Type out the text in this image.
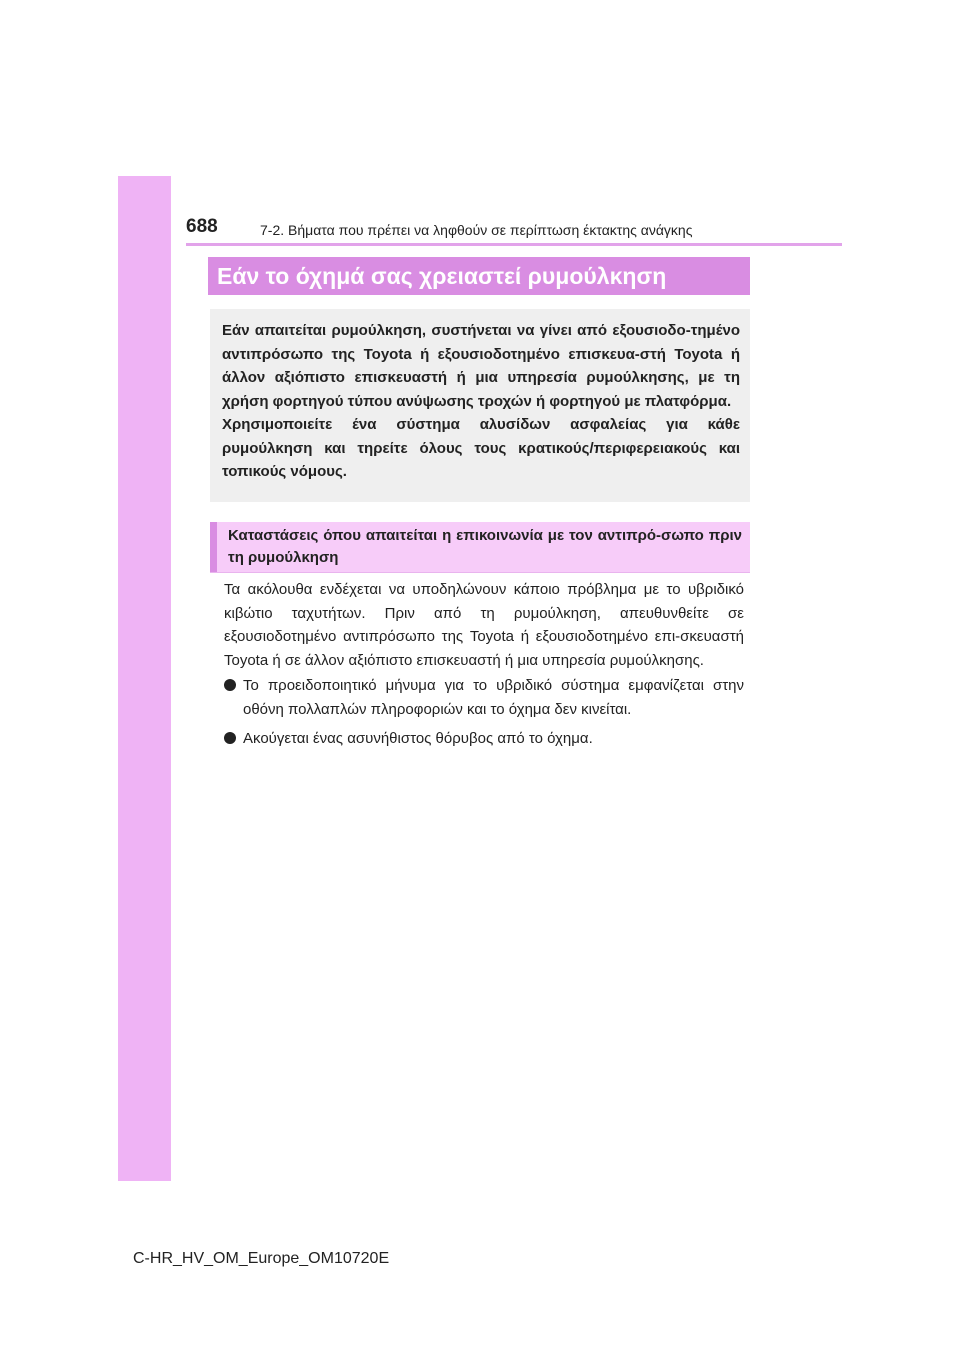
688	7-2. Βήματα που πρέπει να ληφθούν σε περίπτωση έκτακτης ανάγκης
Εάν το όχημά σας χρειαστεί ρυμούλκηση

Εάν απαιτείται ρυμούλκηση, συστήνεται να γίνει από εξουσιοδο-τημένο αντιπρόσωπο της Toyota ή εξουσιοδοτημένο επισκευα-στή Toyota ή άλλον αξιόπιστο επισκευαστή ή μια υπηρεσία ρυμούλκησης, με τη χρήση φορτηγού τύπου ανύψωσης τροχών ή φορτηγού με πλατφόρμα.

Χρησιμοποιείτε ένα σύστημα αλυσίδων ασφαλείας για κάθε ρυμούλκηση και τηρείτε όλους τους κρατικούς/περιφερειακούς και τοπικούς νόμους.

Καταστάσεις όπου απαιτείται η επικοινωνία με τον αντιπρό-σωπο πριν τη ρυμούλκηση

Τα ακόλουθα ενδέχεται να υποδηλώνουν κάποιο πρόβλημα με το υβριδικό κιβώτιο ταχυτήτων. Πριν από τη ρυμούλκηση, απευθυνθείτε σε εξουσιοδοτημένο αντιπρόσωπο της Toyota ή εξουσιοδοτημένο επι-σκευαστή Toyota ή σε άλλον αξιόπιστο επισκευαστή ή μια υπηρεσία ρυμούλκησης.

Το προειδοποιητικό μήνυμα για το υβριδικό σύστημα εμφανίζεται στην οθόνη πολλαπλών πληροφοριών και το όχημα δεν κινείται.
Ακούγεται ένας ασυνήθιστος θόρυβος από το όχημα.
C-HR_HV_OM_Europe_OM10720E
